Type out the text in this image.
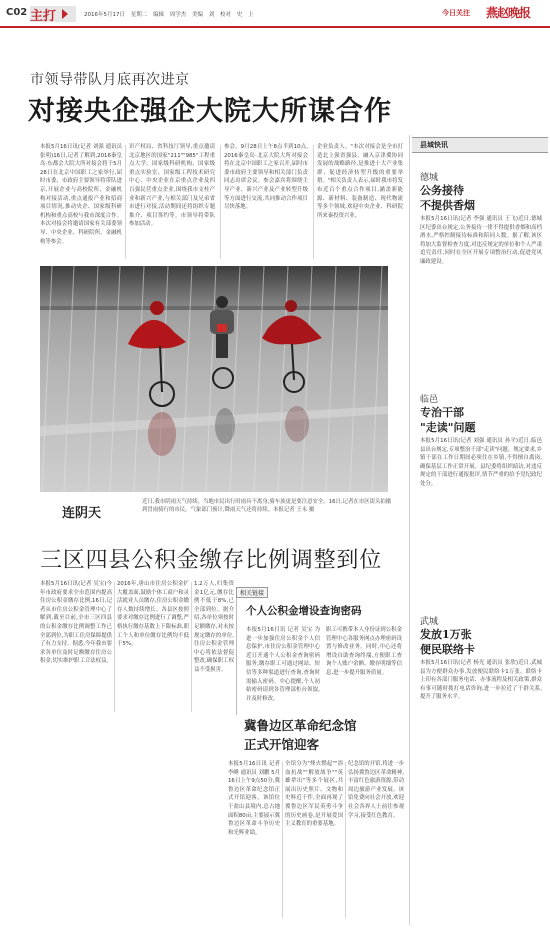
C02 主打	2016年5月17日 星期二 编辑 周学杰 美编 刘 校对 史 上	今日关注 燕赵晚报
市领导带队月底再次进京
对接央企强企大院大所谋合作
本报5月16日讯(记者 刘强 通讯员 张明)16日,记者了解到,2016秦皇岛·东都会大院大所对接会将于5月28日在北京中国职工之家举行,届时市委、市政府主要领导将带队进京,开展企业与高校院所、金融机构对接活动,重点通报产业和招商项目情况,推动央企、国家级科研机构和重点高校与我市深度合作。本次对接会将邀请国家有关部委领导、中央企业、科研院所、金融机构等参会。
识产权局、省科技厅领导,重点邀请北京地区的国家"211""985"工程重点大学、国家级科研机构、国家级重点实验室、国家级工程技术研究中心、中央企业在京重点企业及四百强民营重点企业,围绕我市支柱产业和新兴产业,与相关部门及兄弟省市进行对接,活动期间还将组织专题推介、项目签约等。市领导将带队参加活动。
参会。9月28日上午8点半到10点,2016秦皇岛·北京大院大所对接会将在北京中国职工之家召开,届时市委市政府主要领导和相关部门负责同志出席会议。参会嘉宾将围绕主导产业、新兴产业及产业转型升级等方面进行交流,共同推动合作项目尽快落地。
企业负责人。"本次对接会是全市打造北上强省强县、融入京津冀协同发展的战略路径,是推进十大产业集群、促进经济转型升级的重要举措。"相关负责人表示,届时我市将发布近百个重点合作项目,涵盖新能源、新材料、装备制造、现代物流等多个领域,欢迎中央企业、科研院所来秦投资兴业。
连阴天
近日,我市阴雨天气持续。当地市民出行时雨具不离身,骑车族更是要注意安全。16日,记者在市区街头拍摄到冒雨骑行的市民。气象部门预计,降雨天气还将持续。本报记者 王永 摄
三区四县公积金缴存比例调整到位
本报5月16日讯(记者 吴宝)今年市政府要求全市范围内提高住房公积金缴存比例,16日,记者从市住房公积金管理中心了解到,截至目前,全市三区四县的公积金缴存比例调整工作已全部到位,为职工住房保障提供了有力支持。据悉,今年我市要求各单位及时足额缴存住房公积金,切实维护职工合法权益。
2016年,唐山市住房公积金扩大覆盖面,鼓励个体工商户和灵活就业人员缴存,住房公积金缴存人数持续增长。各县区按照要求对缴存比例进行了调整,严格执行缴存基数上下限标准,职工个人和单位缴存比例均不低于5%。
1.2万人,归集资金1亿元,缴存比例不低于8%,已全部到位。据介绍,各单位须按时足额缴存,对未按规定缴存的单位,住房公积金管理中心将依法督促整改,确保职工权益不受损害。
相关链接
个人公积金增设查询密码
本报5月16日讯 记者 吴宝 为进一步加强住房公积金个人信息保护,市住房公积金管理中心近日开通个人公积金查询密码服务,缴存职工可通过网站、短信等多种渠道进行查询,查询时需输入密码。中心提醒,个人初始密码请到各管理部柜台领取,并及时修改。
职工可携带本人身份证到公积金管理中心各服务网点办理密码设置与修改业务。同时,中心还将增设自助查询终端,方便职工查询个人账户余额、缴存明细等信息,进一步提升服务质量。
冀鲁边区革命纪念馆
正式开馆迎客
本报5月16日讯 记者 李峰 通讯员 刘鹏 5月16日上午9点50分,冀鲁边区革命纪念馆正式开馆迎客。该馆位于盐山县境内,总占地面积80亩,主要展示冀鲁边区革命斗争历史和光辉业绩。
全馆分为"烽火燃起""浴血抗战""解放战争""英雄辈出"等多个展区,共展出历史照片、文物和史料近千件,全面再现了冀鲁边区军民英勇斗争的历史画卷,是开展爱国主义教育的重要基地。
纪念馆的开馆,将进一步弘扬冀鲁边区革命精神,丰富红色旅游资源,带动周边旅游产业发展。该馆免费向社会开放,欢迎社会各界人士前往参观学习,接受红色教育。
县域快讯
德城
公务接待
不提供香烟
本报5月16日讯(记者 李强 通讯员 王飞)近日,德城区纪委出台规定,公务接待一律不得提供香烟和高档酒水,严格控制接待标准和陪同人数。据了解,该区将加大监督检查力度,对违反规定的单位和个人严肃追究责任,同时在全区开展专项整治行动,促进党风廉政建设。
临邑
专治干部
"走读"问题
本报5月16日讯(记者 刘强 通讯员 孙平)近日,临邑县出台规定,专项整治干部"走读"问题。规定要求,乡镇干部在工作日期间必须住在乡镇,不得擅自离岗,确保基层工作正常开展。县纪委将组织暗访,对违反规定的干部进行通报批评,情节严重的给予党纪政纪处分。
武城
发放1万张
便民联络卡
本报5月16日讯(记者 杨光 通讯员 张欣)近日,武城县为方便群众办事,发放便民联络卡1万张。联络卡上印有各部门服务电话、办事流程及相关政策,群众有事可随时拨打电话咨询,进一步拉近了干群关系,提升了服务水平。
